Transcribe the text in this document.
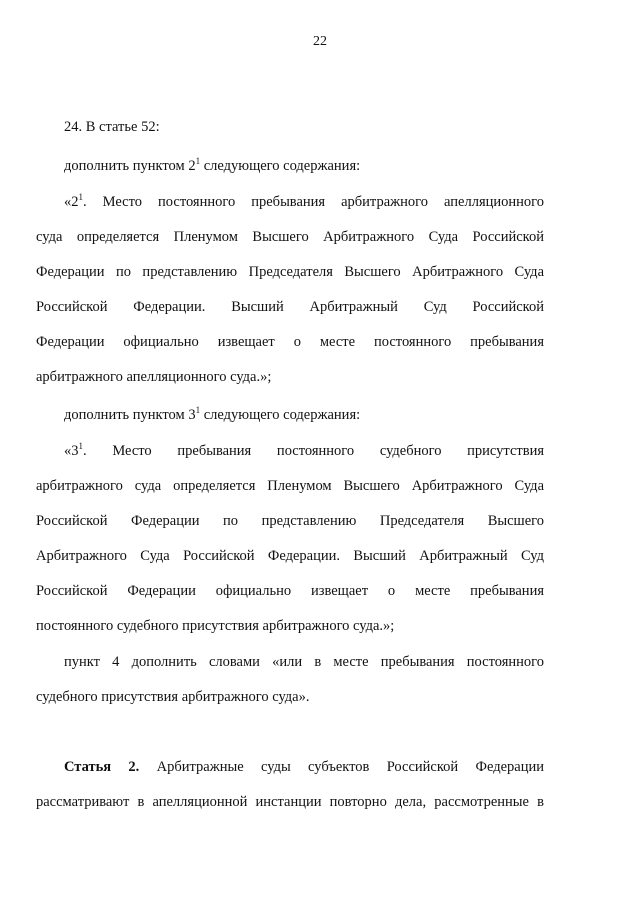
22
24. В статье 52:
дополнить пунктом $2^1$ следующего содержания:
«$2^1$. Место постоянного пребывания арбитражного апелляционного
суда определяется Пленумом Высшего Арбитражного Суда Российской
Федерации по представлению Председателя Высшего Арбитражного Суда
Российской Федерации. Высший Арбитражный Суд Российской
Федерации официально извещает о месте постоянного пребывания
арбитражного апелляционного суда.»;
дополнить пунктом $3^1$ следующего содержания:
«$3^1$. Место пребывания постоянного судебного присутствия
арбитражного суда определяется Пленумом Высшего Арбитражного Суда
Российской Федерации по представлению Председателя Высшего
Арбитражного Суда Российской Федерации. Высший Арбитражный Суд
Российской Федерации официально извещает о месте пребывания
постоянного судебного присутствия арбитражного суда.»;
пункт 4 дополнить словами «или в месте пребывания постоянного
судебного присутствия арбитражного суда».
Статья 2. Арбитражные суды субъектов Российской Федерации
рассматривают в апелляционной инстанции повторно дела, рассмотренные в
